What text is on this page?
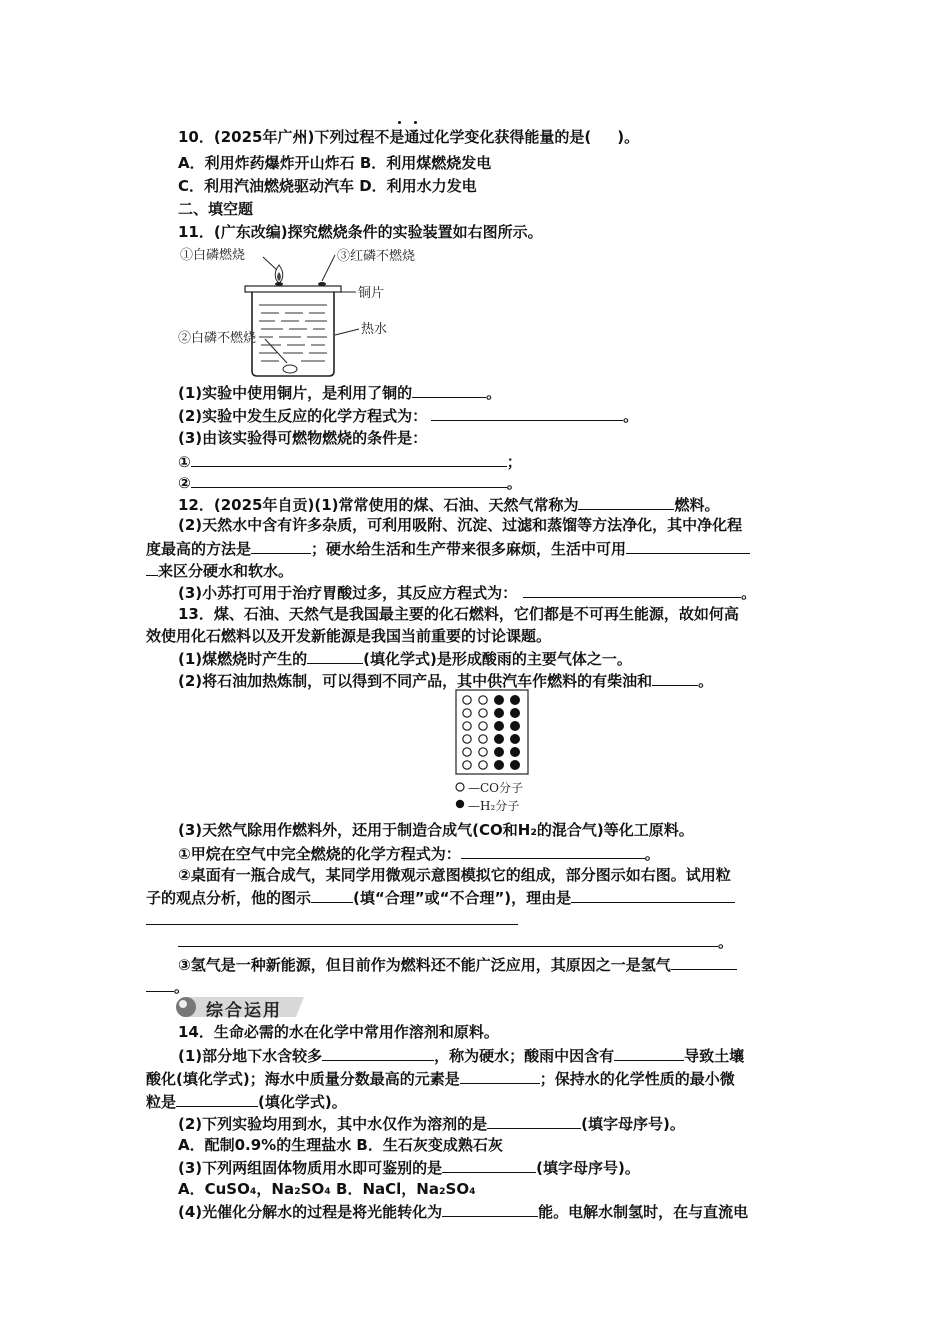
10．(2025年广州)下列过程不是通过化学变化获得能量的是( )。
A．利用炸药爆炸开山炸石 B．利用煤燃烧发电
C．利用汽油燃烧驱动汽车 D．利用水力发电
二、填空题
11．(广东改编)探究燃烧条件的实验装置如右图所示。
①白磷燃烧	③红磷不燃烧
铜片
②白磷不燃烧
热水
(1)实验中使用铜片，是利用了铜的	。
(2)实验中发生反应的化学方程式为：	。
(3)由该实验得可燃物燃烧的条件是：
①	；
②	。
12．(2025年自贡)(1)常常使用的煤、石油、天然气常称为	燃料。
(2)天然水中含有许多杂质，可利用吸附、沉淀、过滤和蒸馏等方法净化，其中净化程
度最高的方法是	；硬水给生活和生产带来很多麻烦，生活中可用
来区分硬水和软水。
(3)小苏打可用于治疗胃酸过多，其反应方程式为：	。
13．煤、石油、天然气是我国最主要的化石燃料，它们都是不可再生能源，故如何高
效使用化石燃料以及开发新能源是我国当前重要的讨论课题。
(1)煤燃烧时产生的	(填化学式)是形成酸雨的主要气体之一。
(2)将石油加热炼制，可以得到不同产品，其中供汽车作燃料的有柴油和	。
—CO分子
—H₂分子
(3)天然气除用作燃料外，还用于制造合成气(CO和H₂的混合气)等化工原料。
①甲烷在空气中完全燃烧的化学方程式为：	。
②桌面有一瓶合成气，某同学用微观示意图模拟它的组成，部分图示如右图。试用粒
子的观点分析，他的图示	(填“合理”或“不合理”)，理由是
。
③氢气是一种新能源，但目前作为燃料还不能广泛应用，其原因之一是氢气
。
综合运用
14．生命必需的水在化学中常用作溶剂和原料。
(1)部分地下水含较多	，称为硬水；酸雨中因含有	导致土壤
酸化(填化学式)；海水中质量分数最高的元素是	；保持水的化学性质的最小微
粒是	(填化学式)。
(2)下列实验均用到水，其中水仅作为溶剂的是	(填字母序号)。
A．配制0.9%的生理盐水 B．生石灰变成熟石灰
(3)下列两组固体物质用水即可鉴别的是	(填字母序号)。
A．CuSO₄，Na₂SO₄ B．NaCl，Na₂SO₄
(4)光催化分解水的过程是将光能转化为	能。电解水制氢时，在与直流电
